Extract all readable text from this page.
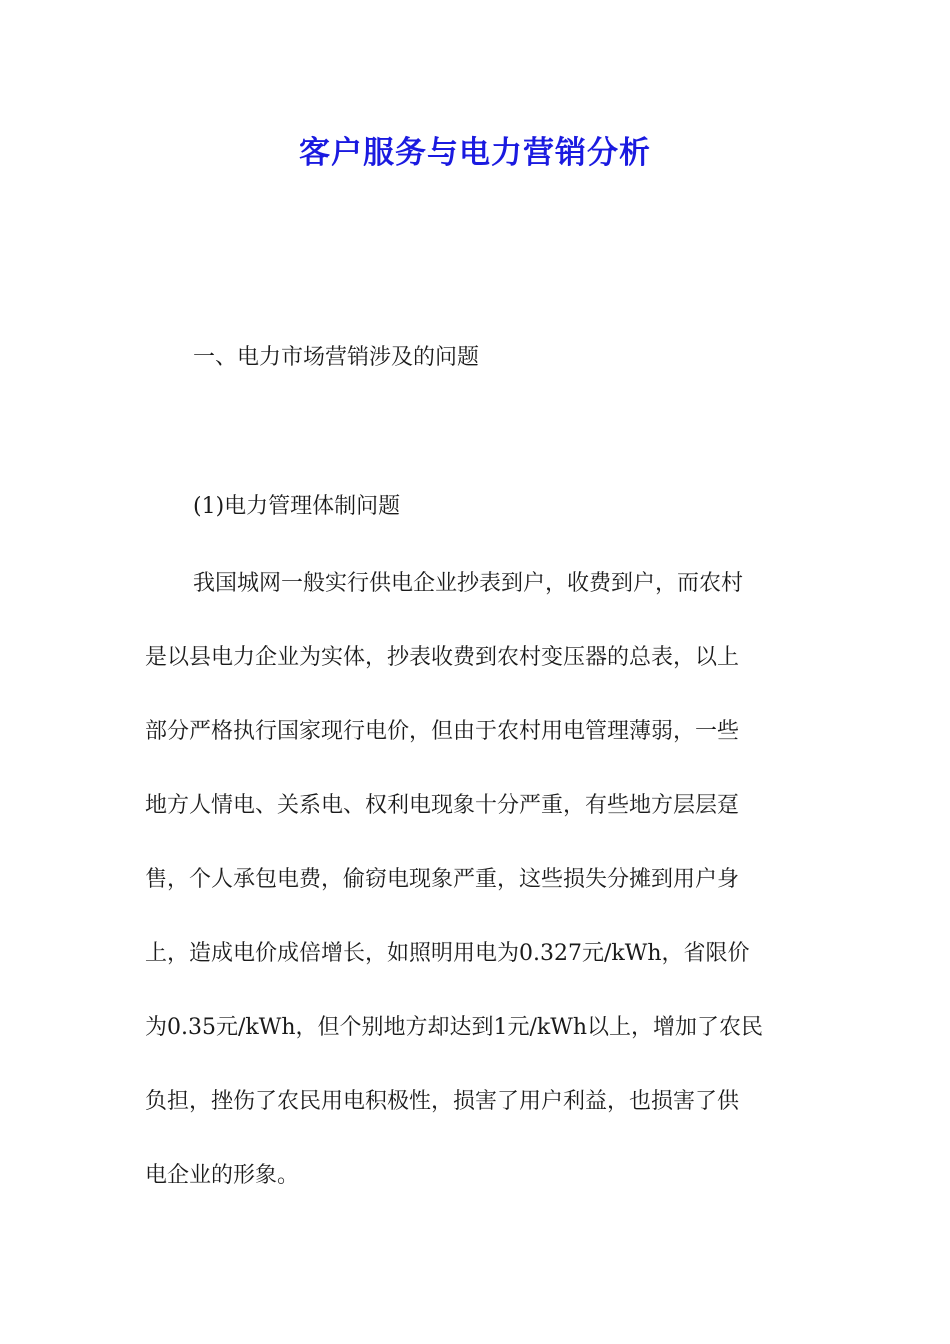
客户服务与电力营销分析

一、电力市场营销涉及的问题

(1)电力管理体制问题

我国城网一般实行供电企业抄表到户，收费到户，而农村
是以县电力企业为实体，抄表收费到农村变压器的总表，以上
部分严格执行国家现行电价，但由于农村用电管理薄弱，一些
地方人情电、关系电、权利电现象十分严重，有些地方层层趸
售，个人承包电费，偷窃电现象严重，这些损失分摊到用户身
上，造成电价成倍增长，如照明用电为0.327元/kWh，省限价
为0.35元/kWh，但个别地方却达到1元/kWh以上，增加了农民
负担，挫伤了农民用电积极性，损害了用户利益，也损害了供
电企业的形象。
